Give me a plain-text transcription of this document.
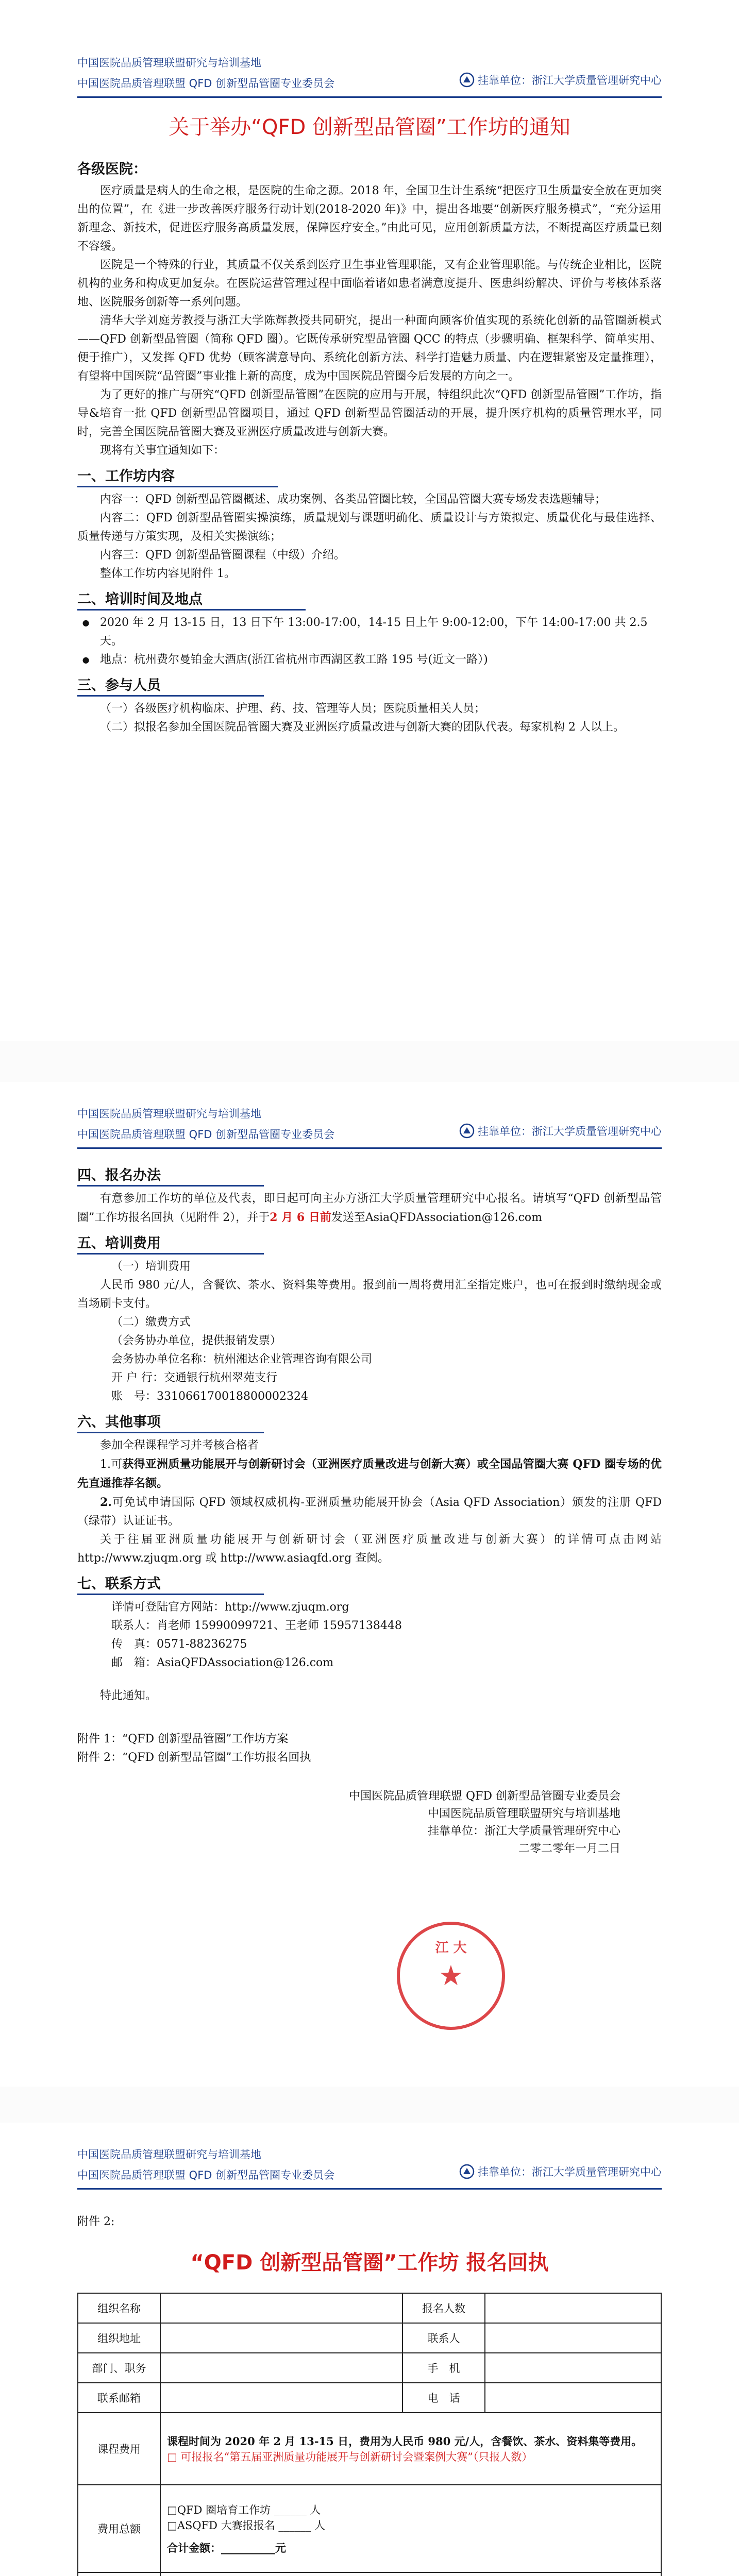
中国医院品质管理联盟研究与培训基地
中国医院品质管理联盟 QFD 创新型品管圈专业委员会	挂靠单位：浙江大学质量管理研究中心
关于举办“QFD 创新型品管圈”工作坊的通知
各级医院：

医疗质量是病人的生命之根，是医院的生命之源。2018 年，全国卫生计生系统“把医疗卫生质量安全放在更加突出的位置”，在《进一步改善医疗服务行动计划(2018-2020 年)》中，提出各地要“创新医疗服务模式”，“充分运用新理念、新技术，促进医疗服务高质量发展，保障医疗安全。”由此可见，应用创新质量方法，不断提高医疗质量已刻不容缓。

医院是一个特殊的行业，其质量不仅关系到医疗卫生事业管理职能，又有企业管理职能。与传统企业相比，医院机构的业务和构成更加复杂。在医院运营管理过程中面临着诸如患者满意度提升、医患纠纷解决、评价与考核体系落地、医院服务创新等一系列问题。

清华大学刘庭芳教授与浙江大学陈辉教授共同研究，提出一种面向顾客价值实现的系统化创新的品管圈新模式——QFD 创新型品管圈（简称 QFD 圈）。它既传承研究型品管圈 QCC 的特点（步骤明确、框架科学、简单实用、便于推广），又发挥 QFD 优势（顾客满意导向、系统化创新方法、科学打造魅力质量、内在逻辑紧密及定量推理），有望将中国医院“品管圈”事业推上新的高度，成为中国医院品管圈今后发展的方向之一。

为了更好的推广与研究“QFD 创新型品管圈”在医院的应用与开展，特组织此次“QFD 创新型品管圈”工作坊，指导&培育一批 QFD 创新型品管圈项目，通过 QFD 创新型品管圈活动的开展，提升医疗机构的质量管理水平，同时，完善全国医院品管圈大赛及亚洲医疗质量改进与创新大赛。

现将有关事宜通知如下：

一、工作坊内容

内容一：QFD 创新型品管圈概述、成功案例、各类品管圈比较，全国品管圈大赛专场发表选题辅导；

内容二：QFD 创新型品管圈实操演练，质量规划与课题明确化、质量设计与方策拟定、质量优化与最佳选择、质量传递与方策实现，及相关实操演练；

内容三：QFD 创新型品管圈课程（中级）介绍。

整体工作坊内容见附件 1。

二、培训时间及地点
● 2020 年 2 月 13-15 日，13 日下午 13:00-17:00，14-15 日上午 9:00-12:00，下午 14:00-17:00 共 2.5 天。
● 地点：杭州费尔曼铂金大酒店(浙江省杭州市西湖区教工路 195 号(近文一路）)
三、参与人员

（一）各级医疗机构临床、护理、药、技、管理等人员；医院质量相关人员；

（二）拟报名参加全国医院品管圈大赛及亚洲医疗质量改进与创新大赛的团队代表。每家机构 2 人以上。

中国医院品质管理联盟研究与培训基地
中国医院品质管理联盟 QFD 创新型品管圈专业委员会	挂靠单位：浙江大学质量管理研究中心
四、报名办法

有意参加工作坊的单位及代表，即日起可向主办方浙江大学质量管理研究中心报名。请填写“QFD 创新型品管圈”工作坊报名回执（见附件 2），并于2 月 6 日前发送至AsiaQFDAssociation@126.com

五、培训费用
（一）培训费用

人民币 980 元/人，含餐饮、茶水、资料集等费用。报到前一周将费用汇至指定账户，也可在报到时缴纳现金或当场刷卡支付。

（二）缴费方式
（会务协办单位，提供报销发票）
会务协办单位名称：杭州湘达企业管理咨询有限公司
开 户 行：交通银行杭州翠苑支行
账　号：331066170018800002324
六、其他事项

参加全程课程学习并考核合格者

1.可获得亚洲质量功能展开与创新研讨会（亚洲医疗质量改进与创新大赛）或全国品管圈大赛 QFD 圈专场的优先直通推荐名额。

2.可免试申请国际 QFD 领域权威机构-亚洲质量功能展开协会（Asia QFD Association）颁发的注册 QFD（绿带）认证证书。

关于往届亚洲质量功能展开与创新研讨会（亚洲医疗质量改进与创新大赛）的详情可点击网站 http://www.zjuqm.org 或 http://www.asiaqfd.org 查阅。

七、联系方式
详情可登陆官方网站：http://www.zjuqm.org
联系人：肖老师 15990099721、王老师 15957138448
传　真：0571-88236275
邮　箱：AsiaQFDAssociation@126.com

特此通知。

附件 1：“QFD 创新型品管圈”工作坊方案
附件 2：“QFD 创新型品管圈”工作坊报名回执
中国医院品质管理联盟 QFD 创新型品管圈专业委员会
中国医院品质管理联盟研究与培训基地
挂靠单位：浙江大学质量管理研究中心
二零二零年一月二日
江 大
★
中国医院品质管理联盟研究与培训基地
中国医院品质管理联盟 QFD 创新型品管圈专业委员会	挂靠单位：浙江大学质量管理研究中心
附件 2:
“QFD 创新型品管圈”工作坊 报名回执
组织名称		报名人数	
组织地址		联系人	
部门、职务		手　机	
联系邮箱		电　话	
课程费用	课程时间为 2020 年 2 月 13-15 日，费用为人民币 980 元/人，含餐饮、茶水、资料集等费用。
□ 可报报名“第五届亚洲质量功能展开与创新研讨会暨案例大赛”（只报人数）		

费用总额	□QFD 圈培育工作坊 ______ 人
□ASQFD 大赛报报名 ______ 人
合计金额：__________元		
